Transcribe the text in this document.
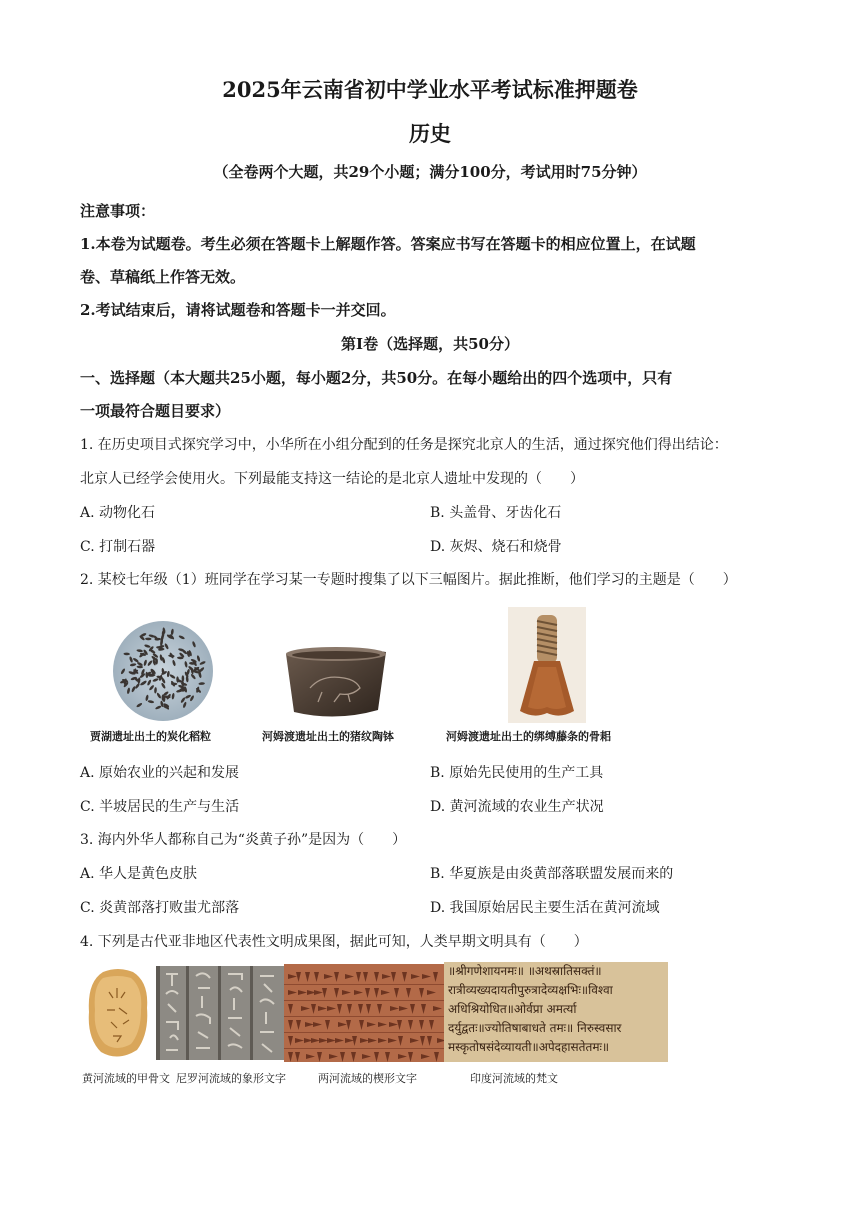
2025年云南省初中学业水平考试标准押题卷
历史
（全卷两个大题，共29个小题；满分100分，考试用时75分钟）
注意事项：
1.本卷为试题卷。考生必须在答题卡上解题作答。答案应书写在答题卡的相应位置上，在试题
卷、草稿纸上作答无效。
2.考试结束后，请将试题卷和答题卡一并交回。
第Ⅰ卷（选择题，共50分）
一、选择题（本大题共25小题，每小题2分，共50分。在每小题给出的四个选项中，只有
一项最符合题目要求）
1. 在历史项目式探究学习中，小华所在小组分配到的任务是探究北京人的生活，通过探究他们得出结论：
北京人已经学会使用火。下列最能支持这一结论的是北京人遗址中发现的（　　）
A. 动物化石	B. 头盖骨、牙齿化石
C. 打制石器	D. 灰烬、烧石和烧骨
2. 某校七年级（1）班同学在学习某一专题时搜集了以下三幅图片。据此推断，他们学习的主题是（　　）
贾湖遗址出土的炭化稻粒	河姆渡遗址出土的猪纹陶钵	河姆渡遗址出土的绑缚藤条的骨耜
A. 原始农业的兴起和发展	B. 原始先民使用的生产工具
C. 半坡居民的生产与生活	D. 黄河流域的农业生产状况
3. 海内外华人都称自己为“炎黄子孙”是因为（　　）
A. 华人是黄色皮肤	B. 华夏族是由炎黄部落联盟发展而来的
C. 炎黄部落打败蚩尤部落	D. 我国原始居民主要生活在黄河流域
4. 下列是古代亚非地区代表性文明成果图，据此可知，人类早期文明具有（　　）
॥श्रीगणेशायनमः॥ ॥अथस्रातिसक्तं॥
रात्रीव्यख्यदायतीपुरुत्रादेव्यक्षभिः॥विश्वा
अधिश्रियोधित॥ओर्वप्रा अमर्त्या
दर्युद्वतः॥ज्योतिषाबाधते तमः॥ निरुस्वसार
मस्कृतोषसंदेव्यायती॥अपेदहासतेतमः॥
黄河流域的甲骨文 尼罗河流域的象形文字	两河流域的楔形文字	印度河流域的梵文
